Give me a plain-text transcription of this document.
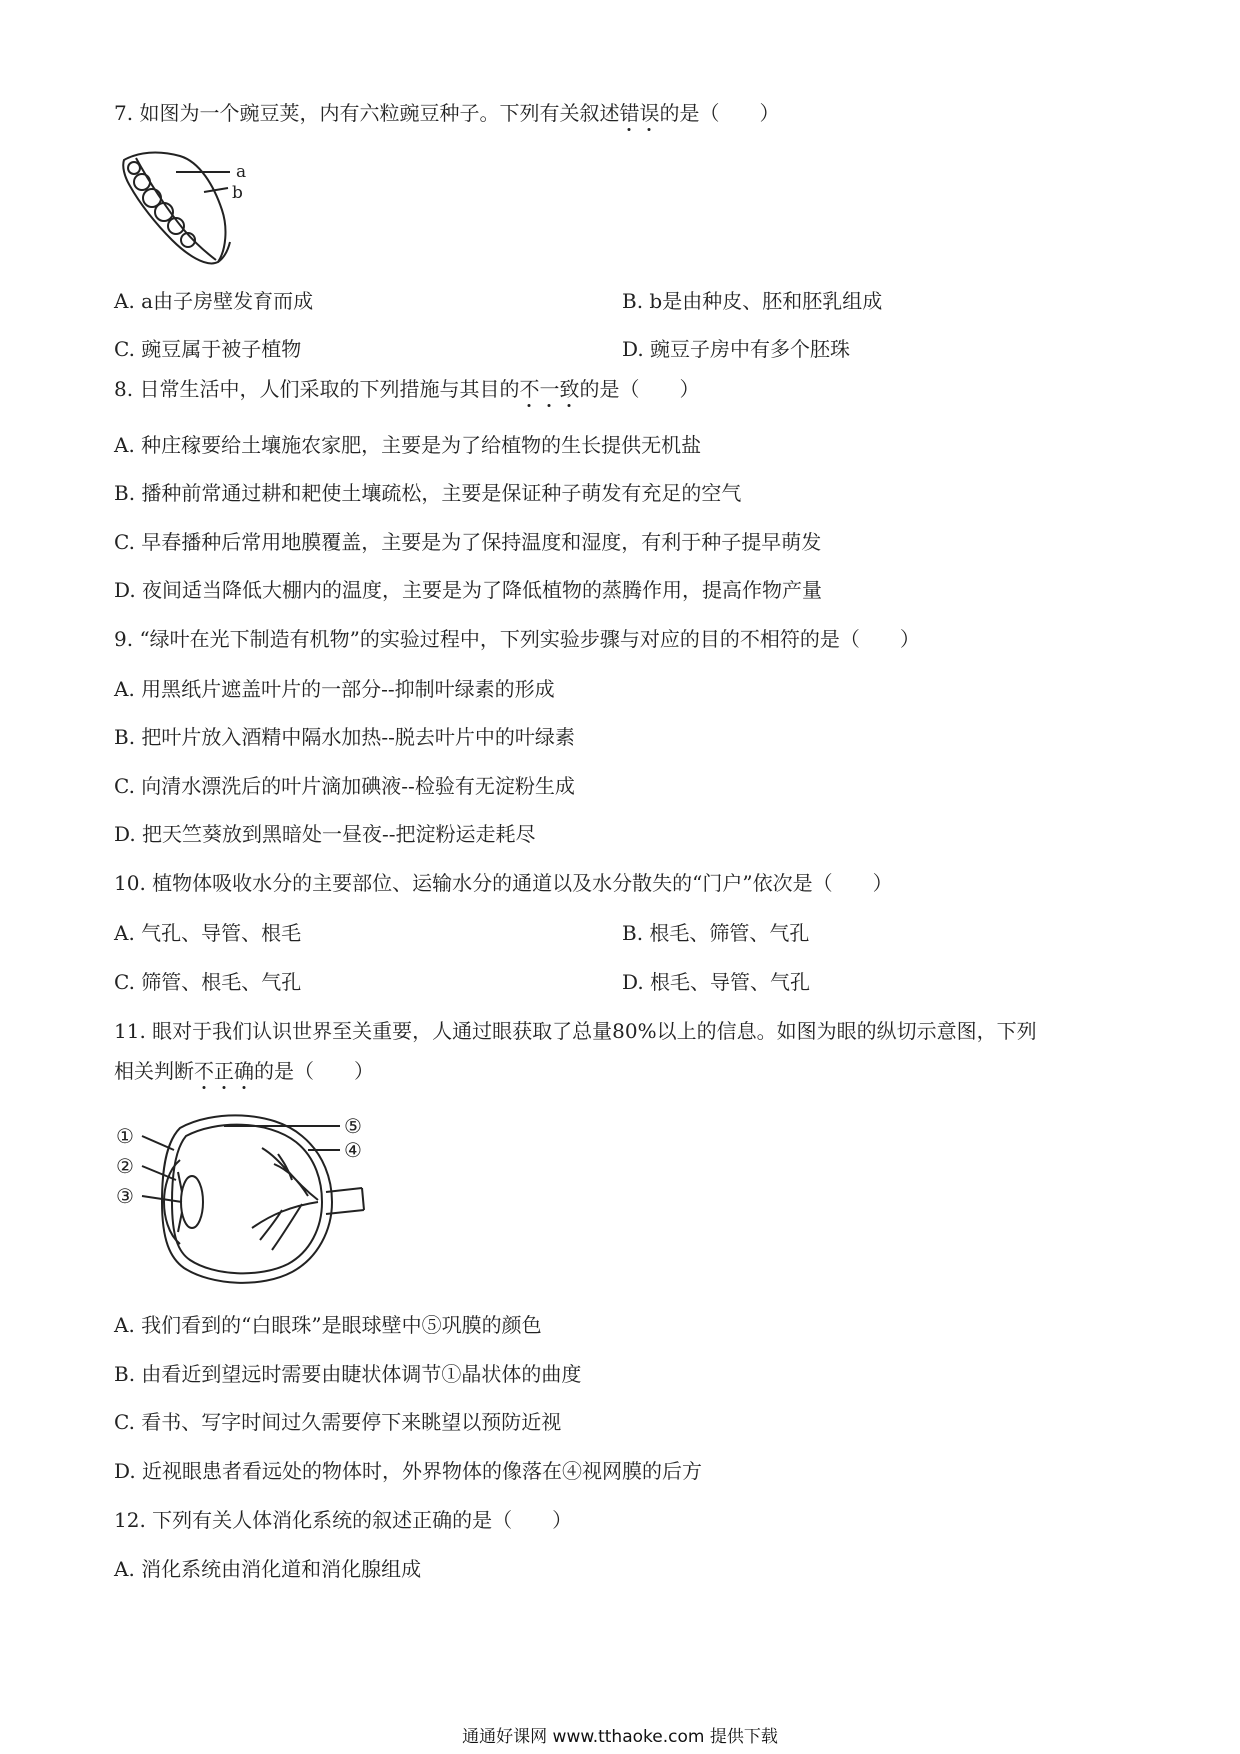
7. 如图为一个豌豆荚，内有六粒豌豆种子。下列有关叙述错误的是（　　）
a
b
A. a由子房壁发育而成	B. b是由种皮、胚和胚乳组成
C. 豌豆属于被子植物	D. 豌豆子房中有多个胚珠
8. 日常生活中，人们采取的下列措施与其目的不一致的是（　　）
A. 种庄稼要给土壤施农家肥，主要是为了给植物的生长提供无机盐
B. 播种前常通过耕和耙使土壤疏松，主要是保证种子萌发有充足的空气
C. 早春播种后常用地膜覆盖，主要是为了保持温度和湿度，有利于种子提早萌发
D. 夜间适当降低大棚内的温度，主要是为了降低植物的蒸腾作用，提高作物产量
9. “绿叶在光下制造有机物”的实验过程中，下列实验步骤与对应的目的不相符的是（　　）
A. 用黑纸片遮盖叶片的一部分--抑制叶绿素的形成
B. 把叶片放入酒精中隔水加热--脱去叶片中的叶绿素
C. 向清水漂洗后的叶片滴加碘液--检验有无淀粉生成
D. 把天竺葵放到黑暗处一昼夜--把淀粉运走耗尽
10. 植物体吸收水分的主要部位、运输水分的通道以及水分散失的“门户”依次是（　　）
A. 气孔、导管、根毛	B. 根毛、筛管、气孔
C. 筛管、根毛、气孔	D. 根毛、导管、气孔
11. 眼对于我们认识世界至关重要，人通过眼获取了总量80%以上的信息。如图为眼的纵切示意图，下列
相关判断不正确的是（　　）
①
②
③
④
⑤
A. 我们看到的“白眼珠”是眼球壁中⑤巩膜的颜色
B. 由看近到望远时需要由睫状体调节①晶状体的曲度
C. 看书、写字时间过久需要停下来眺望以预防近视
D. 近视眼患者看远处的物体时，外界物体的像落在④视网膜的后方
12. 下列有关人体消化系统的叙述正确的是（　　）
A. 消化系统由消化道和消化腺组成
通通好课网 www.tthaoke.com 提供下载
